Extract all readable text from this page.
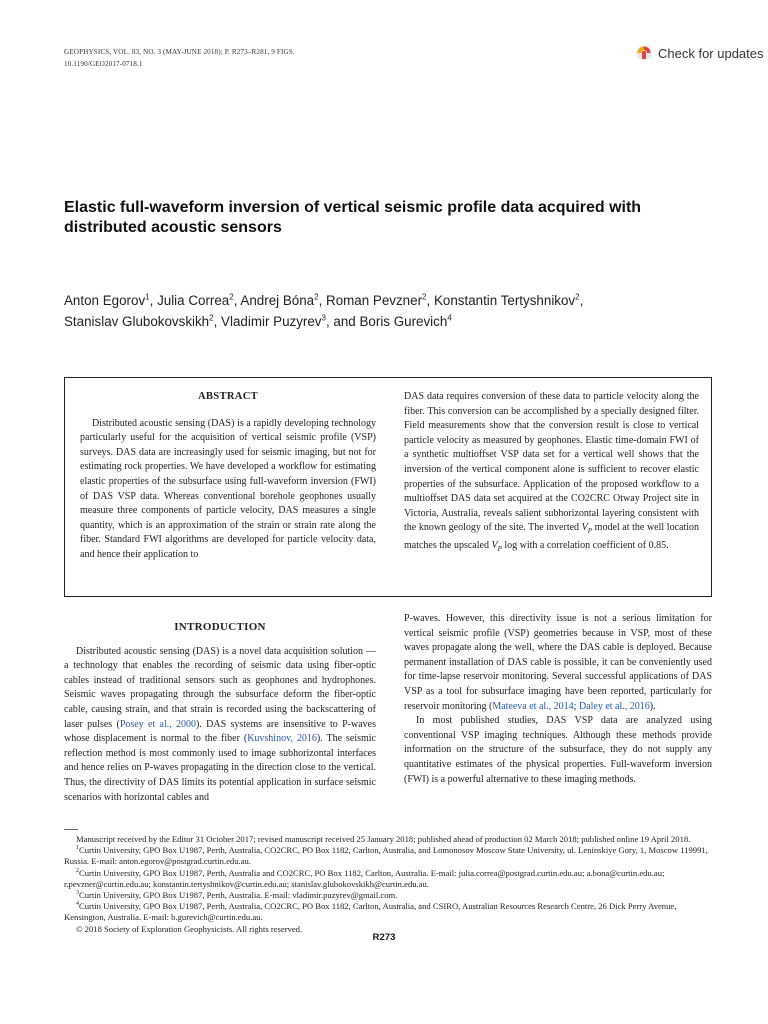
GEOPHYSICS, VOL. 83, NO. 3 (MAY-JUNE 2018); P. R273–R281, 9 FIGS.
10.1190/GEO2017-0718.1
Check for updates
Elastic full-waveform inversion of vertical seismic profile data acquired with distributed acoustic sensors
Anton Egorov$^1$, Julia Correa$^2$, Andrej Bóna$^2$, Roman Pevzner$^2$, Konstantin Tertyshnikov$^2$,
Stanislav Glubokovskikh$^2$, Vladimir Puzyrev$^3$, and Boris Gurevich$^4$
ABSTRACT

Distributed acoustic sensing (DAS) is a rapidly developing technology particularly useful for the acquisition of vertical seismic profile (VSP) surveys. DAS data are increasingly used for seismic imaging, but not for estimating rock properties. We have developed a workflow for estimating elastic properties of the subsurface using full-waveform inversion (FWI) of DAS VSP data. Whereas conventional borehole geophones usually measure three components of particle velocity, DAS measures a single quantity, which is an approximation of the strain or strain rate along the fiber. Standard FWI algorithms are developed for particle velocity data, and hence their application to

DAS data requires conversion of these data to particle velocity along the fiber. This conversion can be accomplished by a specially designed filter. Field measurements show that the conversion result is close to vertical particle velocity as measured by geophones. Elastic time-domain FWI of a synthetic multioffset VSP data set for a vertical well shows that the inversion of the vertical component alone is sufficient to recover elastic properties of the subsurface. Application of the proposed workflow to a multioffset DAS data set acquired at the CO2CRC Otway Project site in Victoria, Australia, reveals salient subhorizontal layering consistent with the known geology of the site. The inverted $V_P$ model at the well location matches the upscaled $V_P$ log with a correlation coefficient of 0.85.

INTRODUCTION

Distributed acoustic sensing (DAS) is a novel data acquisition solution — a technology that enables the recording of seismic data using fiber-optic cables instead of traditional sensors such as geophones and hydrophones. Seismic waves propagating through the subsurface deform the fiber-optic cable, causing strain, and that strain is recorded using the backscattering of laser pulses (Posey et al., 2000). DAS systems are insensitive to P-waves whose displacement is normal to the fiber (Kuvshinov, 2016). The seismic reflection method is most commonly used to image subhorizontal interfaces and hence relies on P-waves propagating in the direction close to the vertical. Thus, the directivity of DAS limits its potential application in surface seismic scenarios with horizontal cables and

P-waves. However, this directivity issue is not a serious limitation for vertical seismic profile (VSP) geometries because in VSP, most of these waves propagate along the well, where the DAS cable is deployed. Because permanent installation of DAS cable is possible, it can be conveniently used for time-lapse reservoir monitoring. Several successful applications of DAS VSP as a tool for subsurface imaging have been reported, particularly for reservoir monitoring (Mateeva et al., 2014; Daley et al., 2016).

In most published studies, DAS VSP data are analyzed using conventional VSP imaging techniques. Although these methods provide information on the structure of the subsurface, they do not supply any quantitative estimates of the physical properties. Full-waveform inversion (FWI) is a powerful alternative to these imaging methods.

Manuscript received by the Editor 31 October 2017; revised manuscript received 25 January 2018; published ahead of production 02 March 2018; published online 19 April 2018.

$^1$Curtin University, GPO Box U1987, Perth, Australia, CO2CRC, PO Box 1182, Carlton, Australia, and Lomonosov Moscow State University, ul. Leninskiye Gory, 1, Moscow 119991, Russia. E-mail: anton.egorov@postgrad.curtin.edu.au.

$^2$Curtin University, GPO Box U1987, Perth, Australia and CO2CRC, PO Box 1182, Carlton, Australia. E-mail: julia.correa@postgrad.curtin.edu.au; a.bona@curtin.edu.au; r.pevzner@curtin.edu.au; konstantin.tertyshnikov@curtin.edu.au; stanislav.glubokovskikh@curtin.edu.au.

$^3$Curtin University, GPO Box U1987, Perth, Australia. E-mail: vladimir.puzyrev@gmail.com.

$^4$Curtin University, GPO Box U1987, Perth, Australia, CO2CRC, PO Box 1182, Carlton, Australia, and CSIRO, Australian Resources Research Centre, 26 Dick Perry Avenue, Kensington, Australia. E-mail: b.gurevich@curtin.edu.au.

© 2018 Society of Exploration Geophysicists. All rights reserved.

R273
